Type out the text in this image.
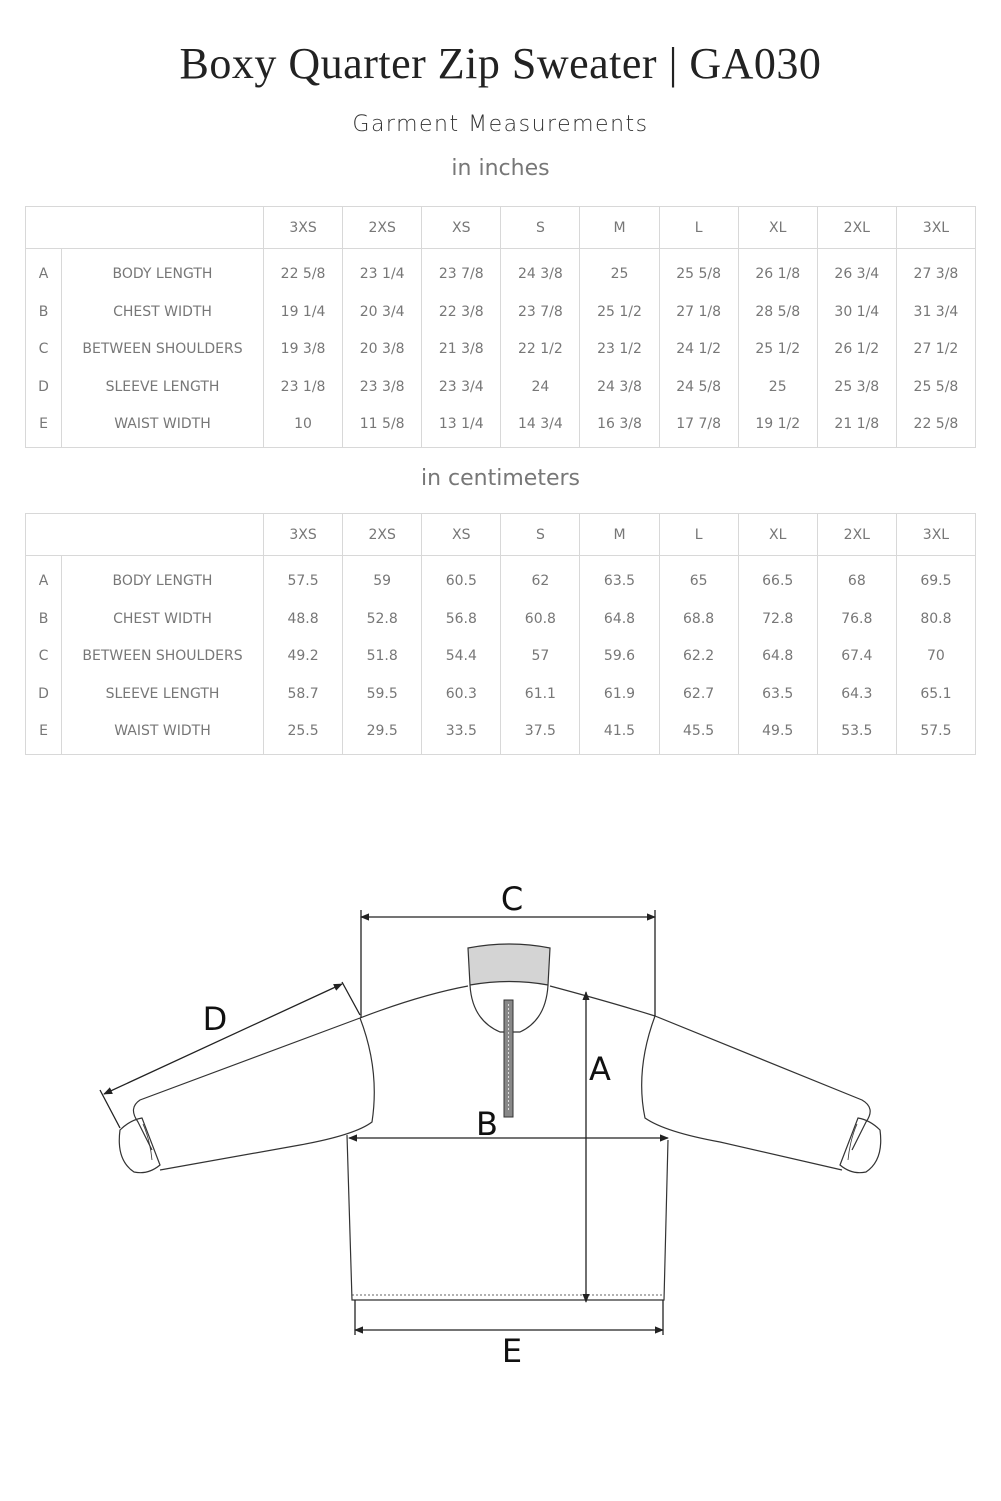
Boxy Quarter Zip Sweater | GA030
Garment Measurements
in inches
		3XS	2XS	XS	S	M	L	XL	2XL	3XL
A	BODY LENGTH	22 5/8	23 1/4	23 7/8	24 3/8	25	25 5/8	26 1/8	26 3/4	27 3/8
B	CHEST WIDTH	19 1/4	20 3/4	22 3/8	23 7/8	25 1/2	27 1/8	28 5/8	30 1/4	31 3/4
C	BETWEEN SHOULDERS	19 3/8	20 3/8	21 3/8	22 1/2	23 1/2	24 1/2	25 1/2	26 1/2	27 1/2
D	SLEEVE LENGTH	23 1/8	23 3/8	23 3/4	24	24 3/8	24 5/8	25	25 3/8	25 5/8
E	WAIST WIDTH	10	11 5/8	13 1/4	14 3/4	16 3/8	17 7/8	19 1/2	21 1/8	22 5/8
in centimeters
		3XS	2XS	XS	S	M	L	XL	2XL	3XL
A	BODY LENGTH	57.5	59	60.5	62	63.5	65	66.5	68	69.5
B	CHEST WIDTH	48.8	52.8	56.8	60.8	64.8	68.8	72.8	76.8	80.8
C	BETWEEN SHOULDERS	49.2	51.8	54.4	57	59.6	62.2	64.8	67.4	70
D	SLEEVE LENGTH	58.7	59.5	60.3	61.1	61.9	62.7	63.5	64.3	65.1
E	WAIST WIDTH	25.5	29.5	33.5	37.5	41.5	45.5	49.5	53.5	57.5
C
A
B
D
E
